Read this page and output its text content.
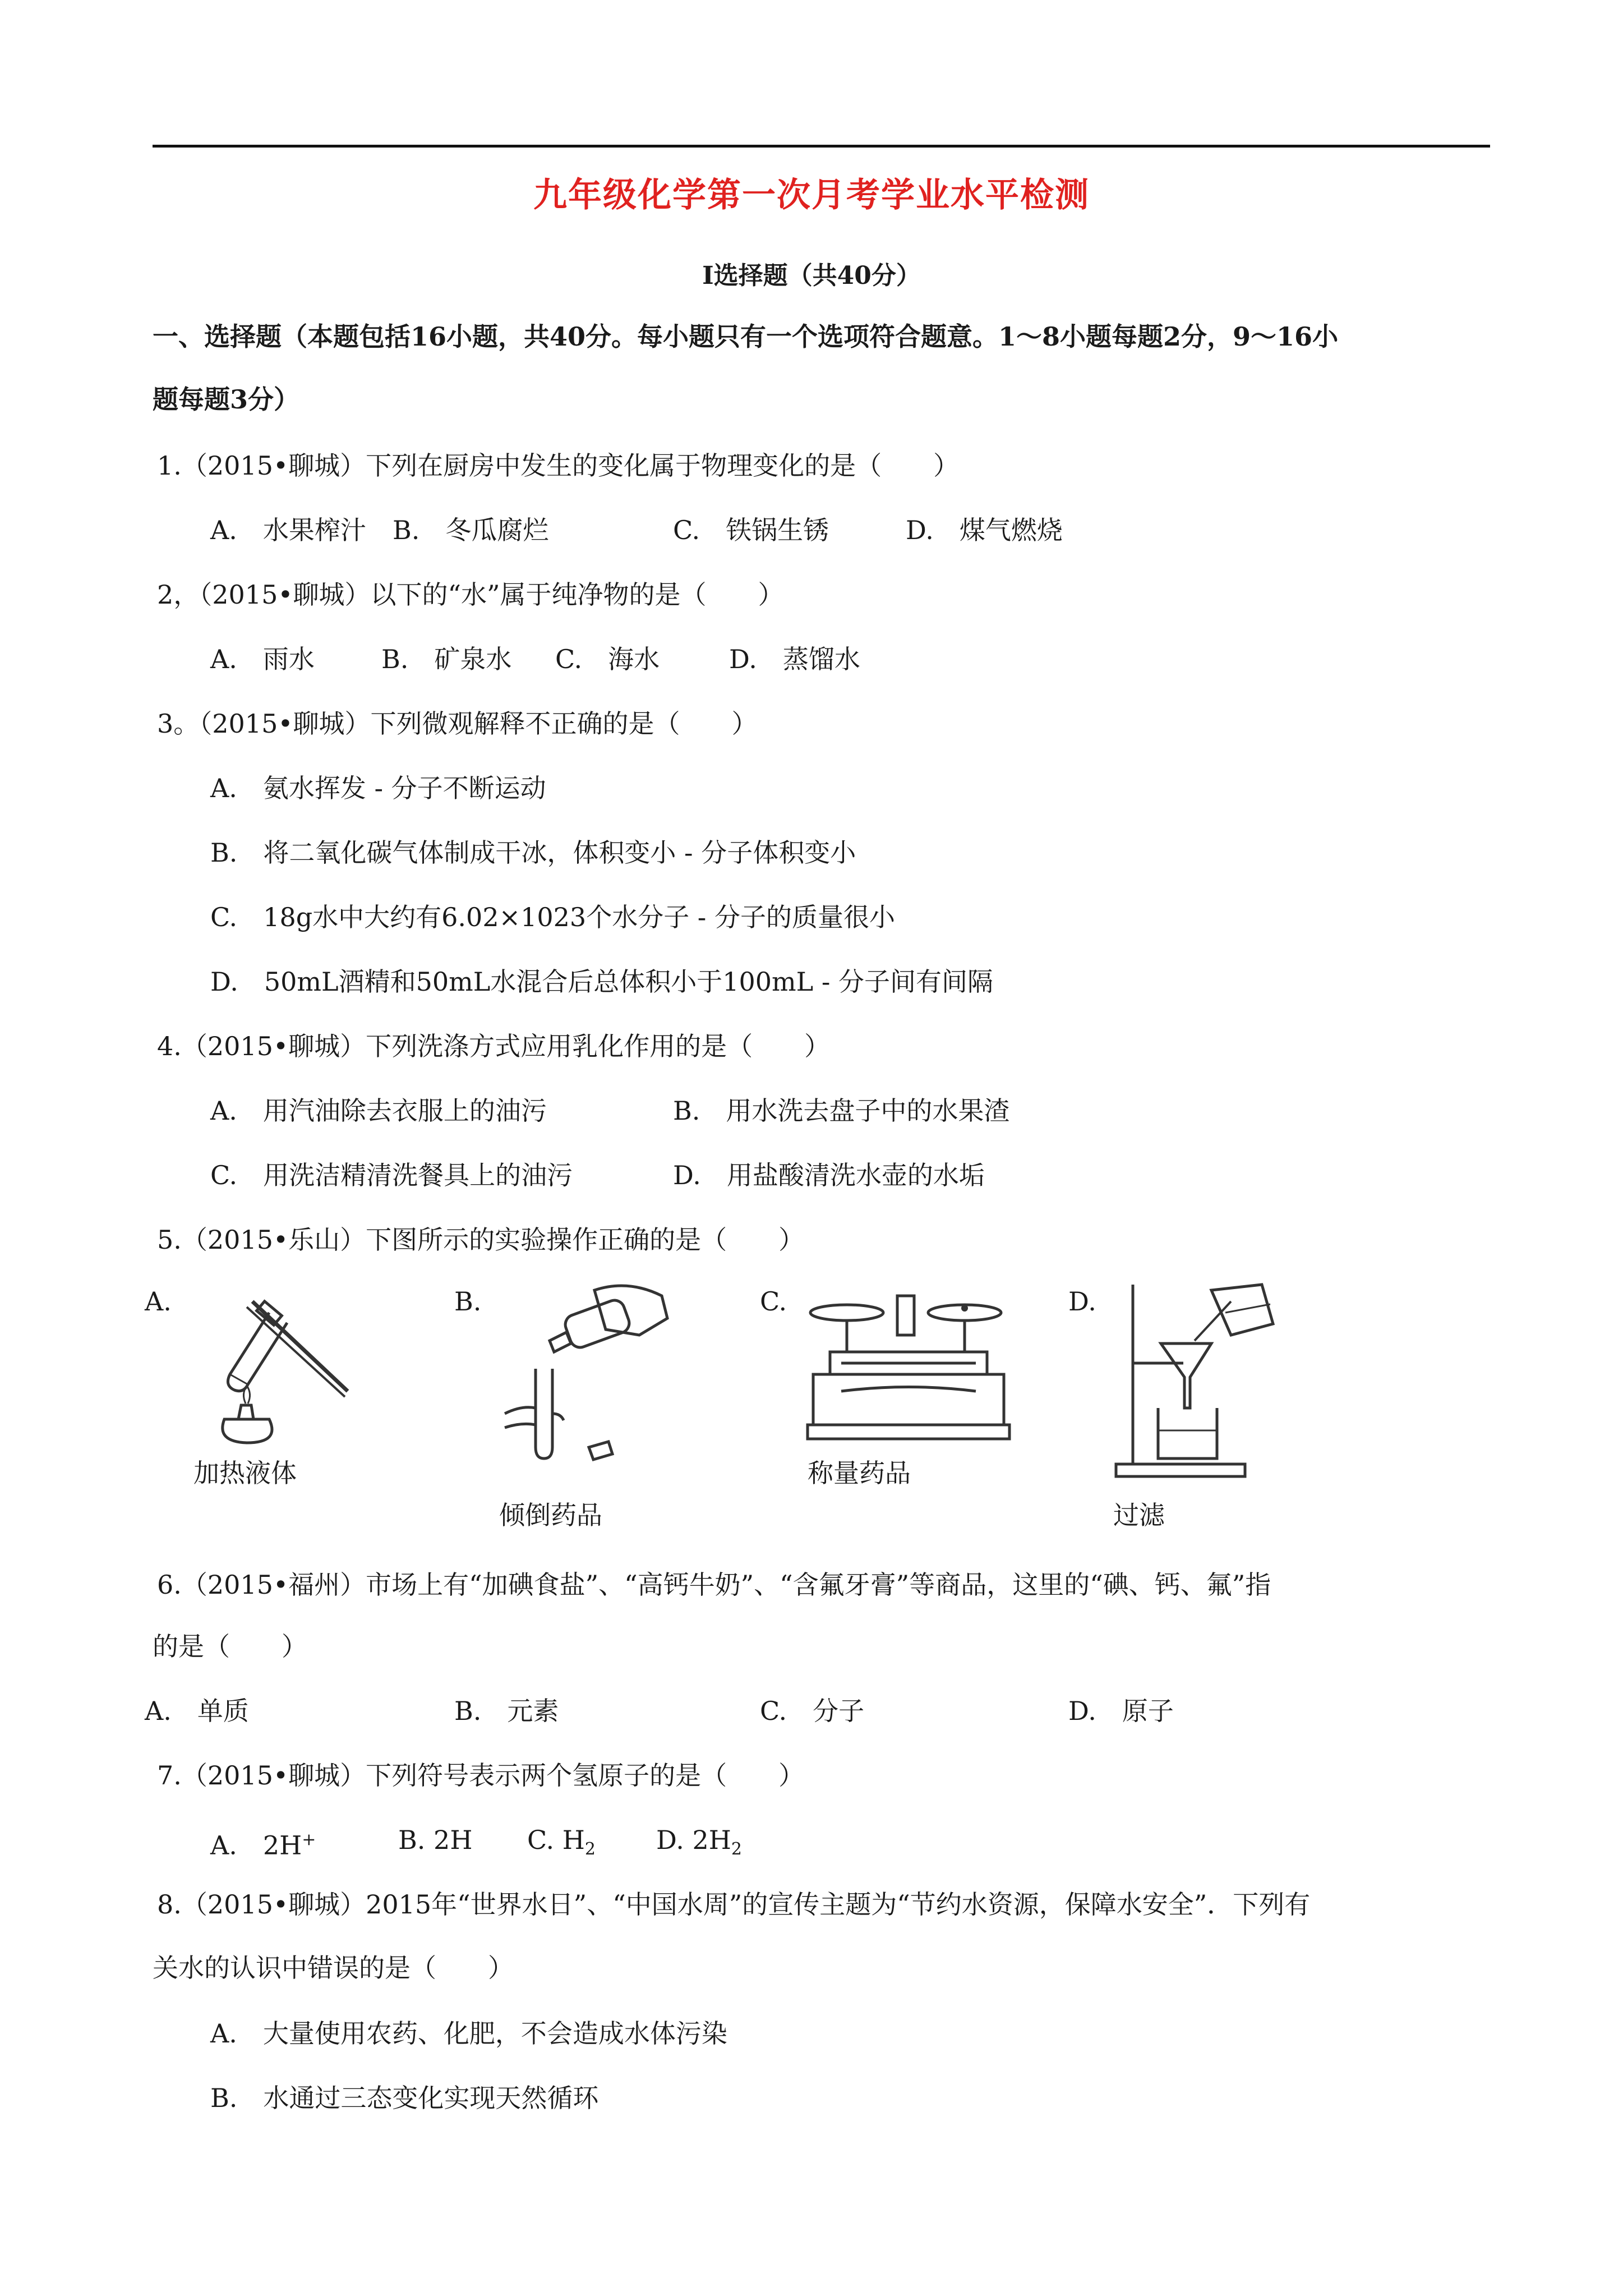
九年级化学第一次月考学业水平检测
Ⅰ选择题（共40分）
一、选择题（本题包括16小题，共40分。每小题只有一个选项符合题意。1～8小题每题2分，9～16小
题每题3分）
1.（2015•聊城）下列在厨房中发生的变化属于物理变化的是（　　）
A.　水果榨汁 B.　冬瓜腐烂	C.　铁锅生锈	D.　煤气燃烧
2，（2015•聊城）以下的“水”属于纯净物的是（　　）
A.　雨水	B.　矿泉水 C.　海水	D.　蒸馏水
3。（2015•聊城）下列微观解释不正确的是（　　）
A.　氨水挥发 - 分子不断运动
B.　将二氧化碳气体制成干冰，体积变小 - 分子体积变小
C.　18g水中大约有6.02×1023个水分子 - 分子的质量很小
D.　50mL酒精和50mL水混合后总体积小于100mL - 分子间有间隔
4.（2015•聊城）下列洗涤方式应用乳化作用的是（　　）
A.　用汽油除去衣服上的油污	B.　用水洗去盘子中的水果渣
C.　用洗洁精清洗餐具上的油污	D.　用盐酸清洗水壶的水垢
5.（2015•乐山）下图所示的实验操作正确的是（　　）
A.	B.	C.	D.
加热液体
倾倒药品
称量药品
过滤
6.（2015•福州）市场上有“加碘食盐”、“高钙牛奶”、“含氟牙膏”等商品，这里的“碘、钙、氟”指
的是（　　）
A.　单质	B.　元素	C.　分子	D.　原子
7.（2015•聊城）下列符号表示两个氢原子的是（　　）
A.　2H+	B. 2H C. $H_2$ D. $2H_2$
8.（2015•聊城）2015年“世界水日”、“中国水周”的宣传主题为“节约水资源，保障水安全”．下列有
关水的认识中错误的是（　　）
A.　大量使用农药、化肥，不会造成水体污染
B.　水通过三态变化实现天然循环
